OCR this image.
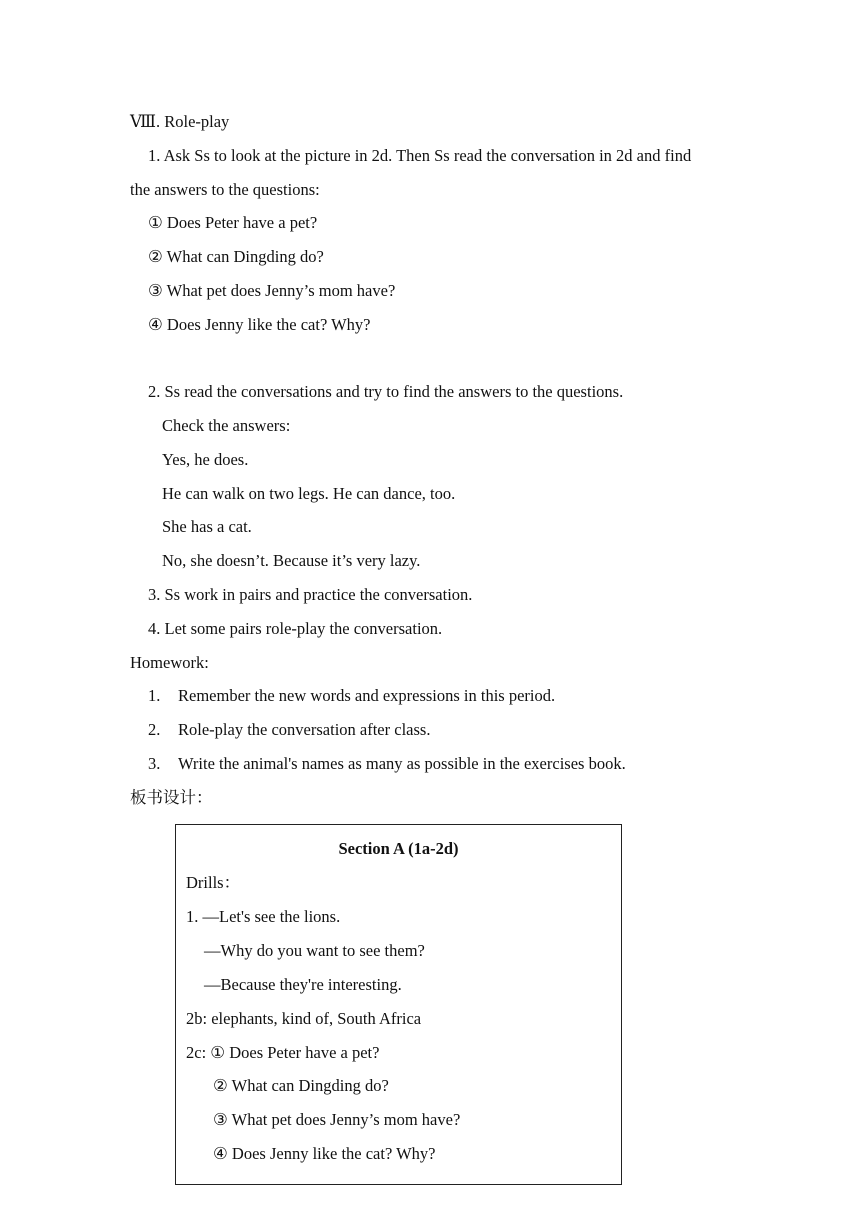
Ⅷ. Role-play
1. Ask Ss to look at the picture in 2d. Then Ss read the conversation in 2d and find
the answers to the questions:
① Does Peter have a pet?
② What can Dingding do?
③ What pet does Jenny’s mom have?
④ Does Jenny like the cat? Why?
2. Ss read the conversations and try to find the answers to the questions.
Check the answers:
Yes, he does.
He can walk on two legs. He can dance, too.
She has a cat.
No, she doesn’t. Because it’s very lazy.
3. Ss work in pairs and practice the conversation.
4. Let some pairs role-play the conversation.
Homework:
1. Remember the new words and expressions in this period.
2. Role-play the conversation after class.
3. Write the animal's names as many as possible in the exercises book.
板书设计：
Section A (1a-2d)
Drills：
1. —Let's see the lions.
—Why do you want to see them?
—Because they're interesting.
2b: elephants, kind of, South Africa
2c: ① Does Peter have a pet?
② What can Dingding do?
③ What pet does Jenny’s mom have?
④ Does Jenny like the cat? Why?
